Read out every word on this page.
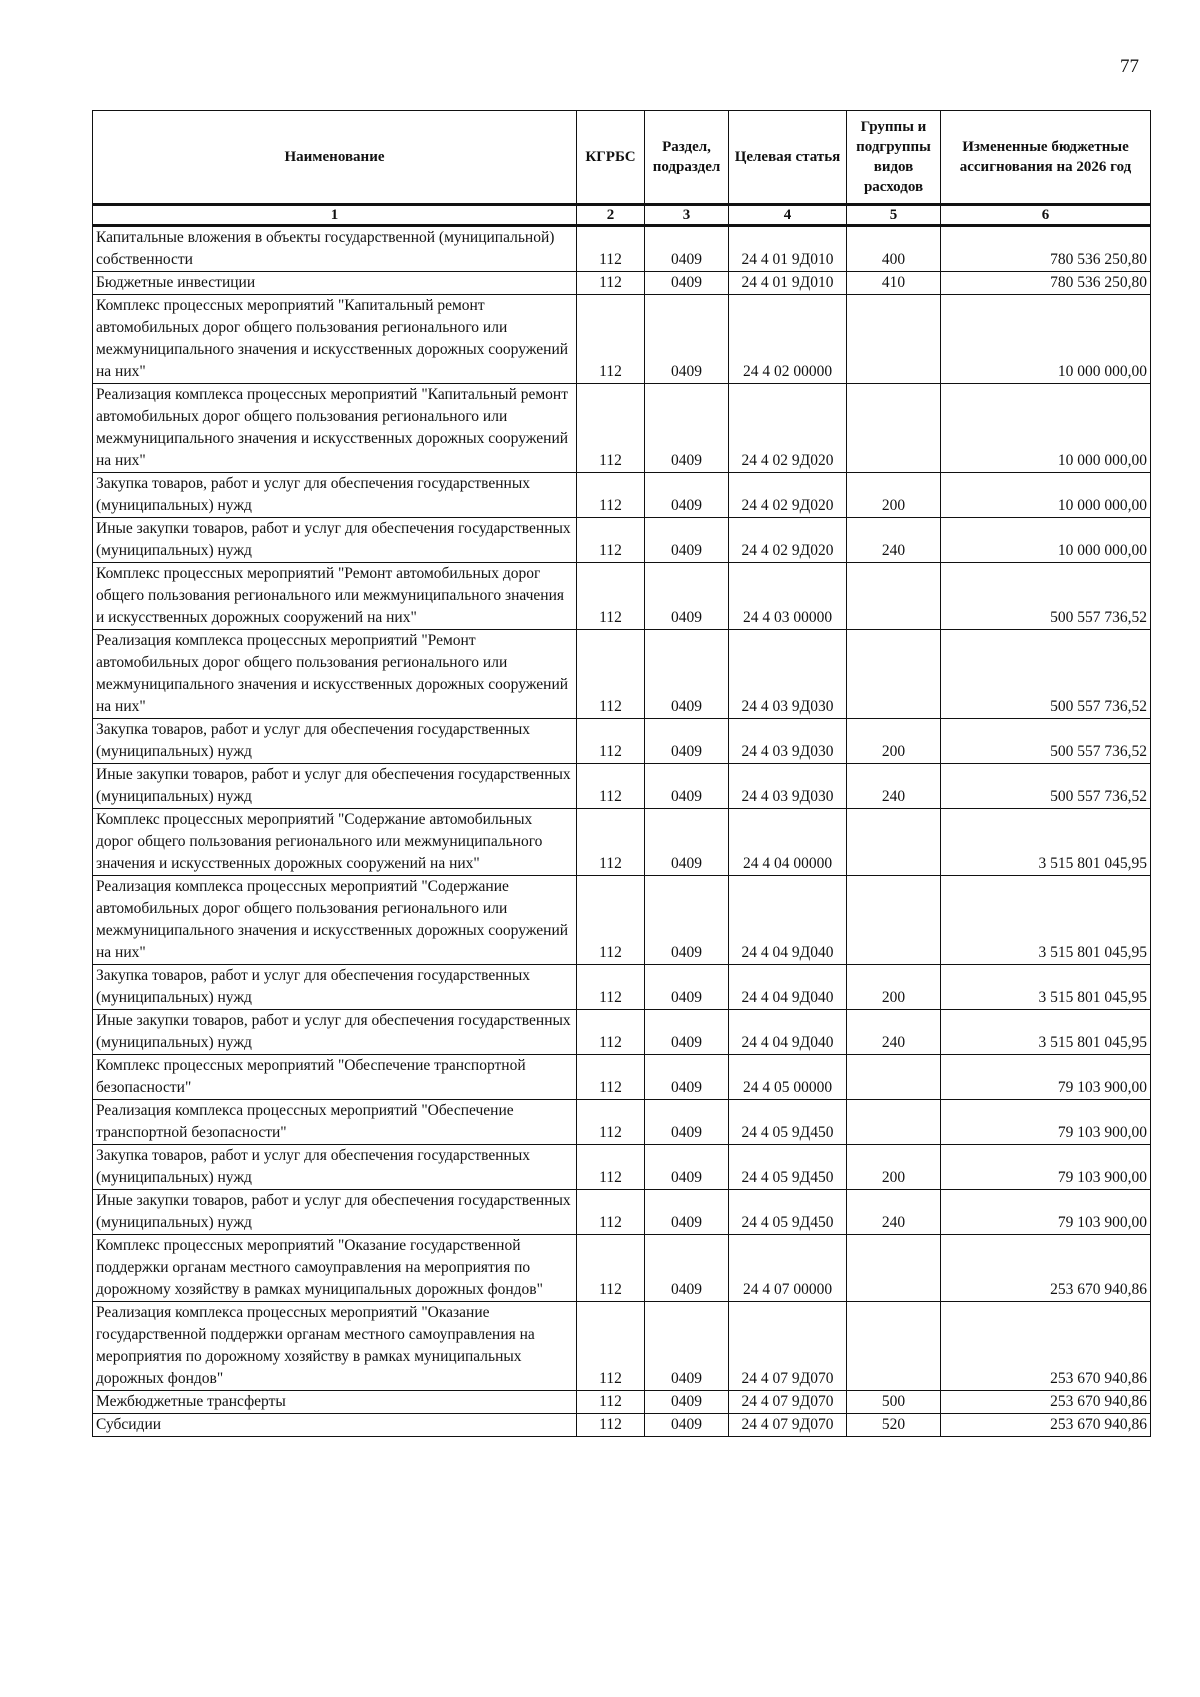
77
Наименование	КГРБС	Раздел, подраздел	Целевая статья	Группы и подгруппы видов расходов	Измененные бюджетные ассигнования на 2026 год
1	2	3	4	5	6
Капитальные вложения в объекты государственной (муниципальной) собственности	112	0409	24 4 01 9Д010	400	780 536 250,80
Бюджетные инвестиции	112	0409	24 4 01 9Д010	410	780 536 250,80
Комплекс процессных мероприятий "Капитальный ремонт автомобильных дорог общего пользования регионального или межмуниципального значения и искусственных дорожных сооружений на них"	112	0409	24 4 02 00000		10 000 000,00
Реализация комплекса процессных мероприятий "Капитальный ремонт автомобильных дорог общего пользования регионального или межмуниципального значения и искусственных дорожных сооружений на них"	112	0409	24 4 02 9Д020		10 000 000,00
Закупка товаров, работ и услуг для обеспечения государственных (муниципальных) нужд	112	0409	24 4 02 9Д020	200	10 000 000,00
Иные закупки товаров, работ и услуг для обеспечения государственных (муниципальных) нужд	112	0409	24 4 02 9Д020	240	10 000 000,00
Комплекс процессных мероприятий "Ремонт автомобильных дорог общего пользования регионального или межмуниципального значения и искусственных дорожных сооружений на них"	112	0409	24 4 03 00000		500 557 736,52
Реализация комплекса процессных мероприятий "Ремонт автомобильных дорог общего пользования регионального или межмуниципального значения и искусственных дорожных сооружений на них"	112	0409	24 4 03 9Д030		500 557 736,52
Закупка товаров, работ и услуг для обеспечения государственных (муниципальных) нужд	112	0409	24 4 03 9Д030	200	500 557 736,52
Иные закупки товаров, работ и услуг для обеспечения государственных (муниципальных) нужд	112	0409	24 4 03 9Д030	240	500 557 736,52
Комплекс процессных мероприятий "Содержание автомобильных дорог общего пользования регионального или межмуниципального значения и искусственных дорожных сооружений на них"	112	0409	24 4 04 00000		3 515 801 045,95
Реализация комплекса процессных мероприятий "Содержание автомобильных дорог общего пользования регионального или межмуниципального значения и искусственных дорожных сооружений на них"	112	0409	24 4 04 9Д040		3 515 801 045,95
Закупка товаров, работ и услуг для обеспечения государственных (муниципальных) нужд	112	0409	24 4 04 9Д040	200	3 515 801 045,95
Иные закупки товаров, работ и услуг для обеспечения государственных (муниципальных) нужд	112	0409	24 4 04 9Д040	240	3 515 801 045,95
Комплекс процессных мероприятий "Обеспечение транспортной безопасности"	112	0409	24 4 05 00000		79 103 900,00
Реализация комплекса процессных мероприятий "Обеспечение транспортной безопасности"	112	0409	24 4 05 9Д450		79 103 900,00
Закупка товаров, работ и услуг для обеспечения государственных (муниципальных) нужд	112	0409	24 4 05 9Д450	200	79 103 900,00
Иные закупки товаров, работ и услуг для обеспечения государственных (муниципальных) нужд	112	0409	24 4 05 9Д450	240	79 103 900,00
Комплекс процессных мероприятий "Оказание государственной поддержки органам местного самоуправления на мероприятия по дорожному хозяйству в рамках муниципальных дорожных фондов"	112	0409	24 4 07 00000		253 670 940,86
Реализация комплекса процессных мероприятий "Оказание государственной поддержки органам местного самоуправления на мероприятия по дорожному хозяйству в рамках муниципальных дорожных фондов"	112	0409	24 4 07 9Д070		253 670 940,86
Межбюджетные трансферты	112	0409	24 4 07 9Д070	500	253 670 940,86
Субсидии	112	0409	24 4 07 9Д070	520	253 670 940,86
